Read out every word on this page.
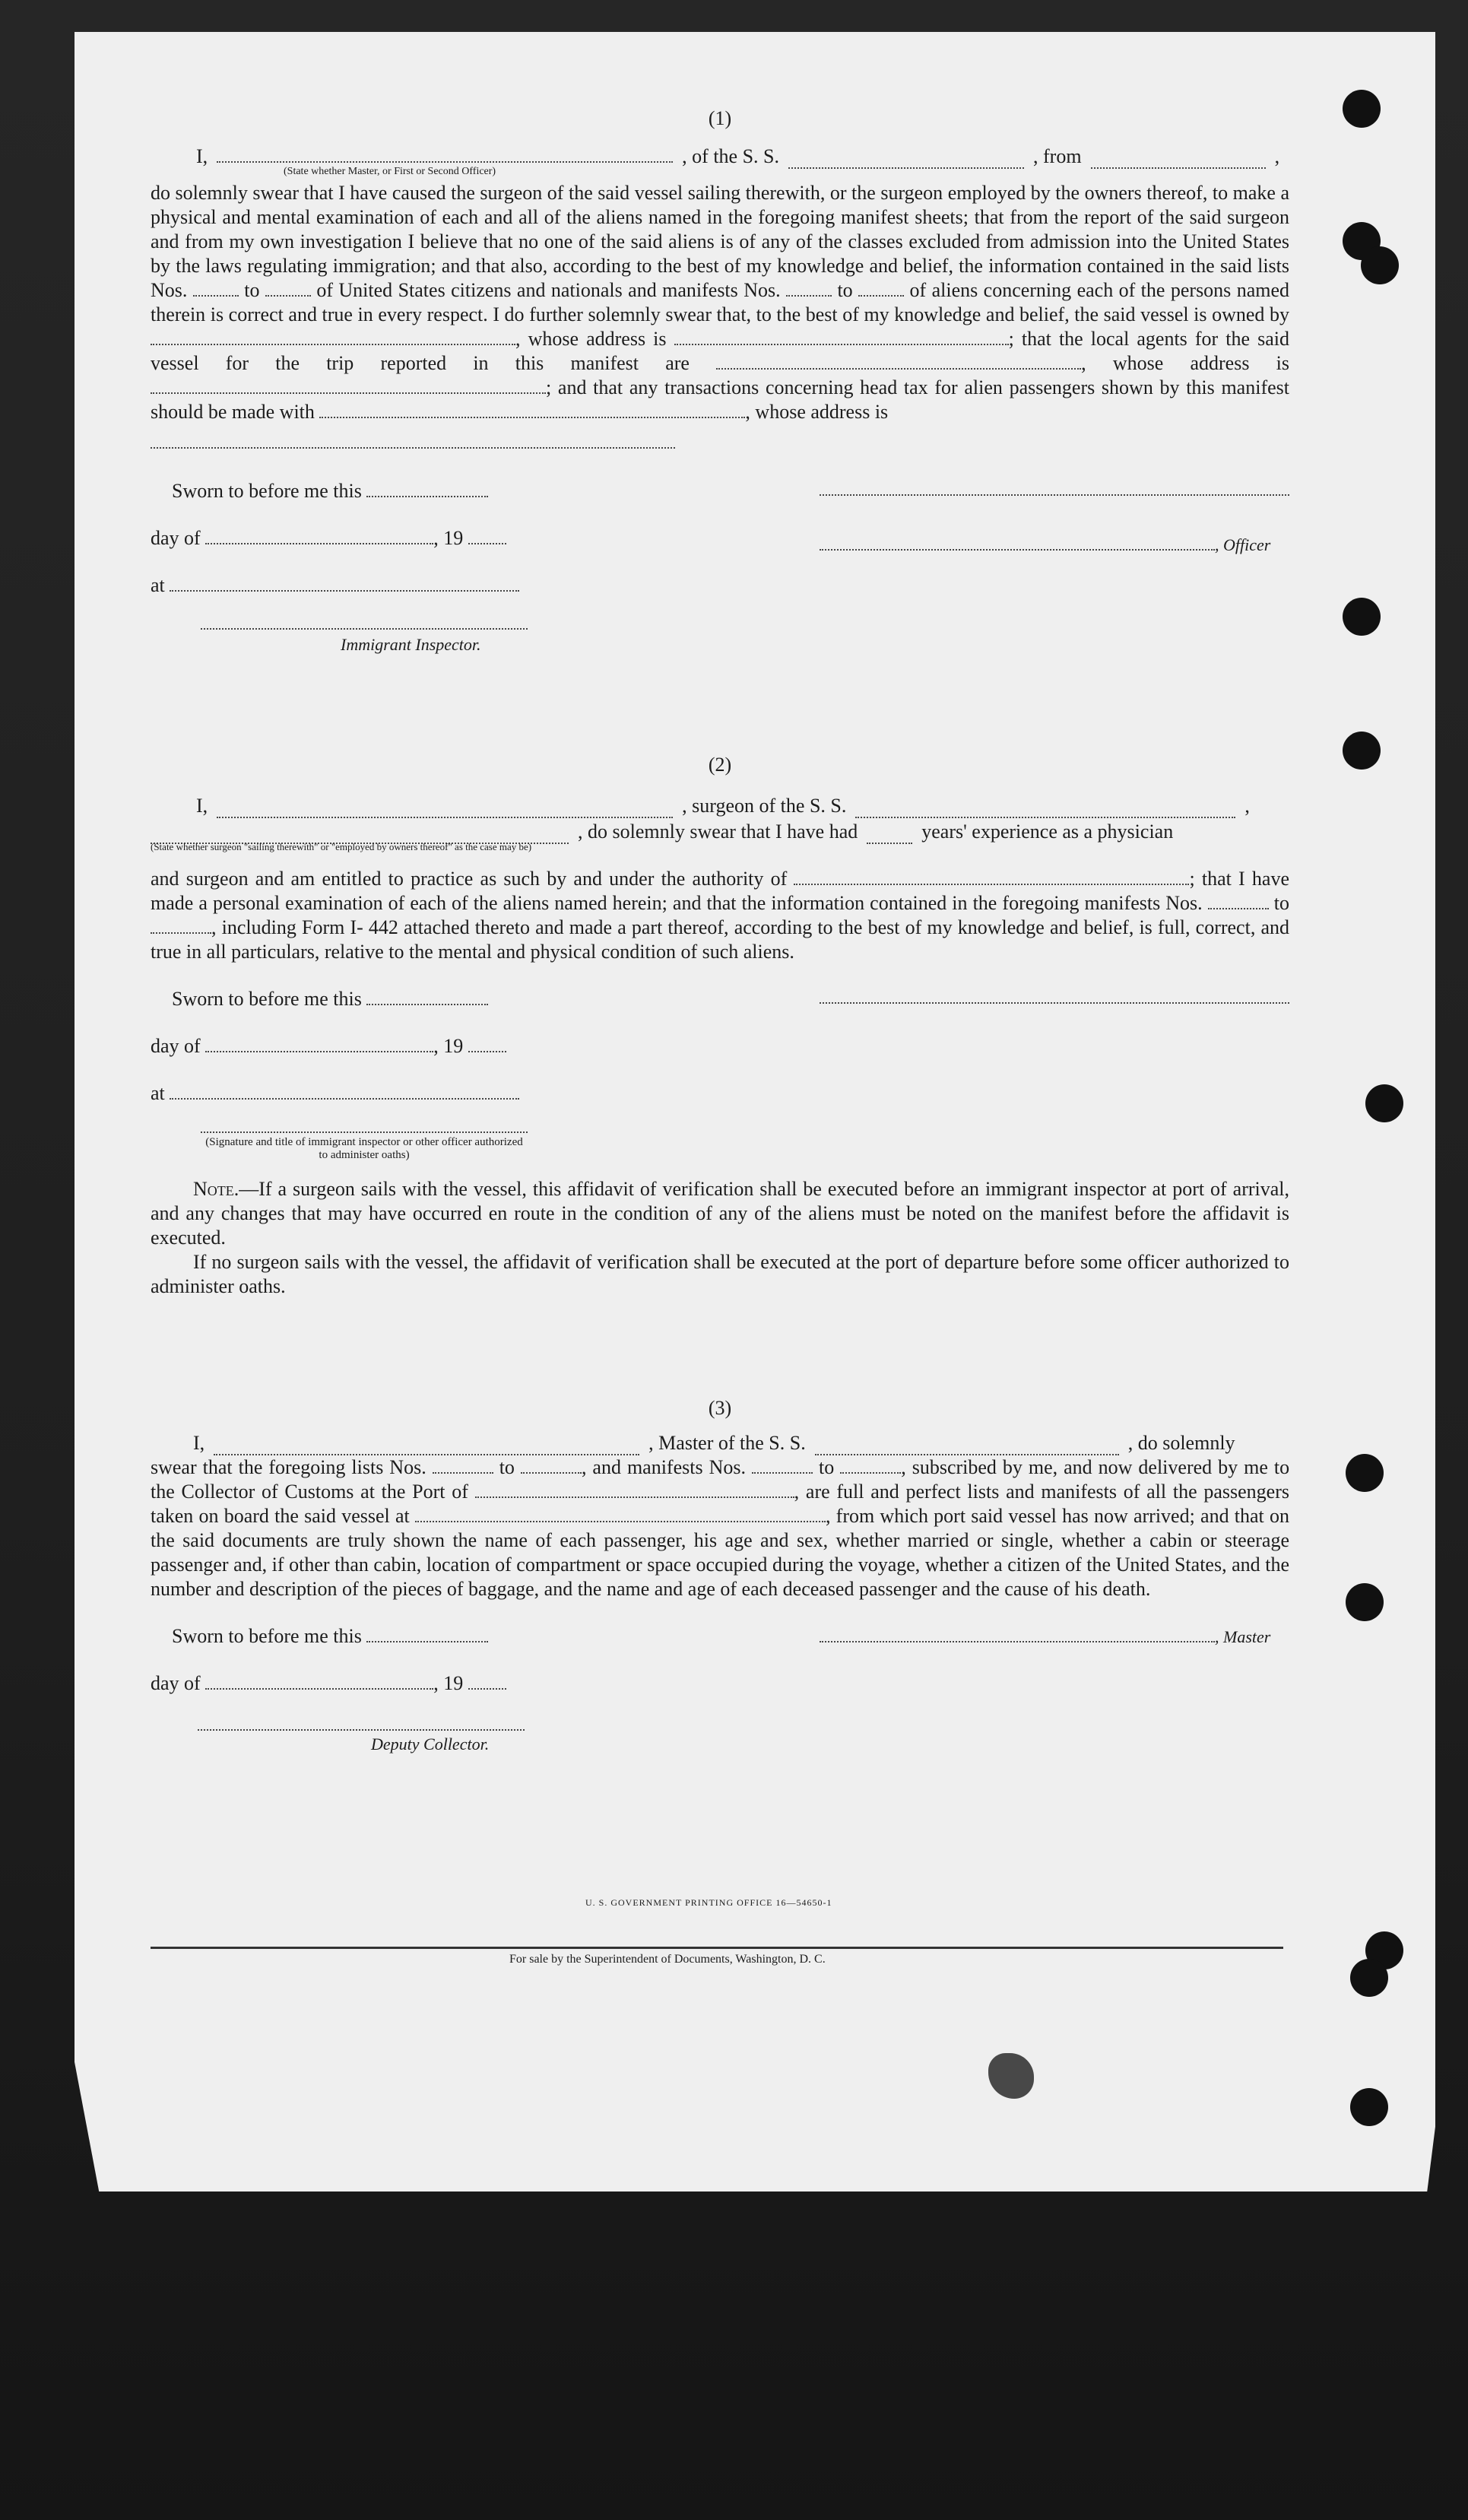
(1)

I,	, of the S. S.	, from	,
(State whether Master, or First or Second Officer)

do solemnly swear that I have caused the surgeon of the said vessel sailing therewith, or the surgeon employed by the owners thereof, to make a physical and mental examination of each and all of the aliens named in the foregoing manifest sheets; that from the report of the said surgeon and from my own investigation I believe that no one of the said aliens is of any of the classes excluded from admission into the United States by the laws regulating immigration; and that also, according to the best of my knowledge and belief, the information contained in the said lists Nos.	to	of United States citizens and nationals and manifests Nos.	to	of aliens concerning each of the persons named therein is correct and true in every respect. I do further solemnly swear that, to the best of my knowledge and belief, the said vessel is owned by , whose address is	; that the local agents for the said vessel for the trip reported in this manifest are	, whose address is ; and that any transactions concerning head tax for alien passengers shown by this manifest should be made with	, whose address is

Sworn to before me this
day of	, 19
at
, Officer
Immigrant Inspector.

(2)

I,	, surgeon of the S. S.	,
, do solemnly swear that I have had	years' experience as a physician
(State whether surgeon "sailing therewith" or "employed by owners thereof" as the case may be)

and surgeon and am entitled to practice as such by and under the authority of	; that I have made a personal examination of each of the aliens named herein; and that the information contained in the foregoing manifests Nos.	to , including Form I- 442 attached thereto and made a part thereof, according to the best of my knowledge and belief, is full, correct, and true in all particulars, relative to the mental and physical condition of such aliens.

Sworn to before me this
day of	, 19
at
(Signature and title of immigrant inspector or other officer authorized to administer oaths)

Note.—If a surgeon sails with the vessel, this affidavit of verification shall be executed before an immigrant inspector at port of arrival, and any changes that may have occurred en route in the condition of any of the aliens must be noted on the manifest before the affidavit is executed.

If no surgeon sails with the vessel, the affidavit of verification shall be executed at the port of departure before some officer authorized to administer oaths.

(3)

I,	, Master of the S. S.	, do solemnly

swear that the foregoing lists Nos.	to	, and manifests Nos.	to	, subscribed by me, and now delivered by me to the Collector of Customs at the Port of	, are full and perfect lists and manifests of all the passengers taken on board the said vessel at	, from which port said vessel has now arrived; and that on the said documents are truly shown the name of each passenger, his age and sex, whether married or single, whether a cabin or steerage passenger and, if other than cabin, location of compartment or space occupied during the voyage, whether a citizen of the United States, and the number and description of the pieces of baggage, and the name and age of each deceased passenger and the cause of his death.

Sworn to before me this	, Master
day of	, 19
Deputy Collector.
U. S. GOVERNMENT PRINTING OFFICE 16—54650-1
For sale by the Superintendent of Documents, Washington, D. C.
